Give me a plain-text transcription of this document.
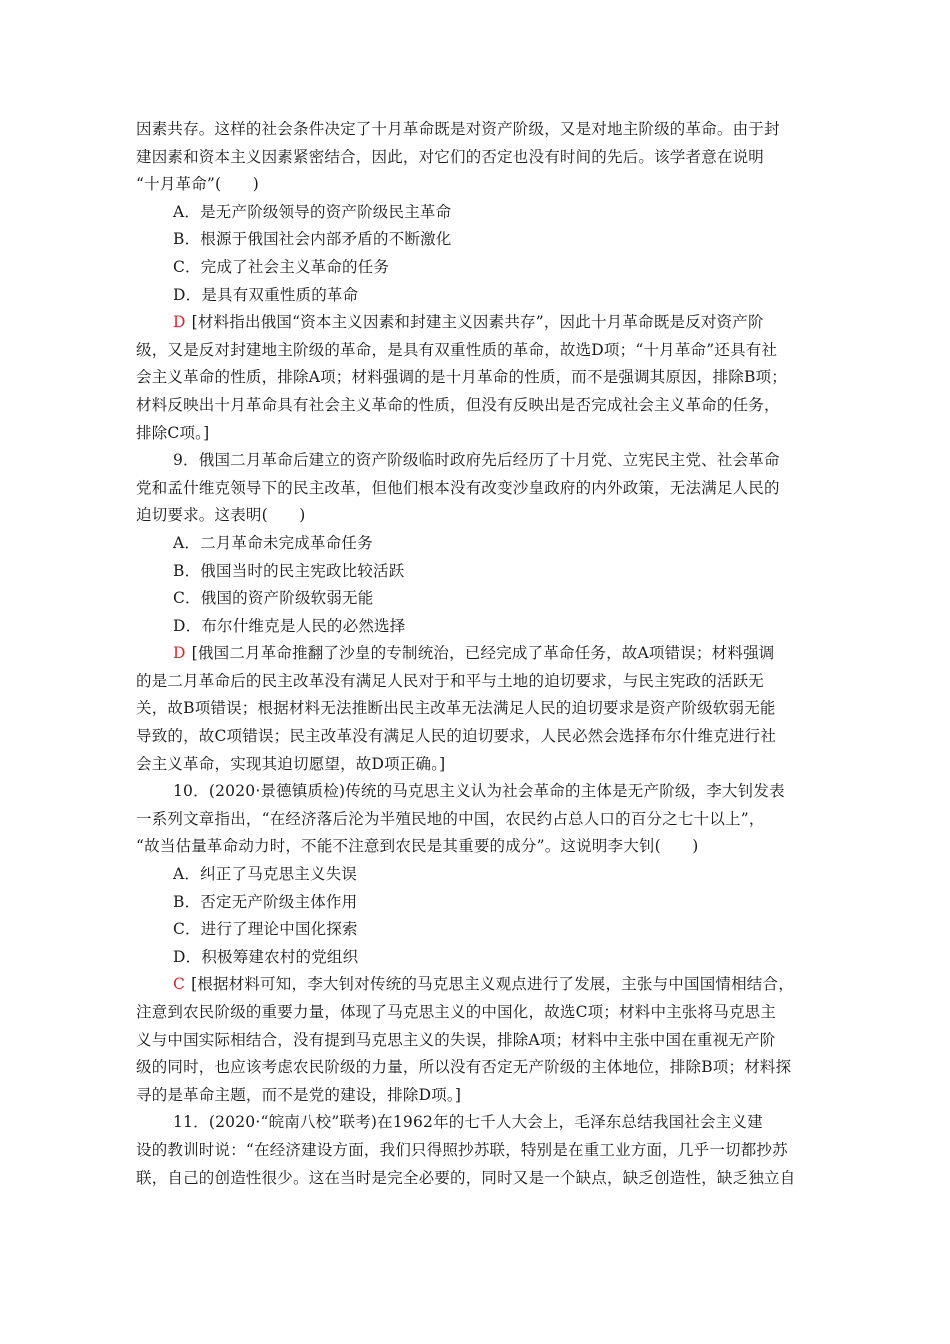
因素共存。这样的社会条件决定了十月革命既是对资产阶级，又是对地主阶级的革命。由于封
建因素和资本主义因素紧密结合，因此，对它们的否定也没有时间的先后。该学者意在说明
“十月革命”(　　)
A．是无产阶级领导的资产阶级民主革命
B．根源于俄国社会内部矛盾的不断激化
C．完成了社会主义革命的任务
D．是具有双重性质的革命
D [材料指出俄国“资本主义因素和封建主义因素共存”，因此十月革命既是反对资产阶
级，又是反对封建地主阶级的革命，是具有双重性质的革命，故选D项；“十月革命”还具有社
会主义革命的性质，排除A项；材料强调的是十月革命的性质，而不是强调其原因，排除B项；
材料反映出十月革命具有社会主义革命的性质，但没有反映出是否完成社会主义革命的任务，
排除C项。]
9．俄国二月革命后建立的资产阶级临时政府先后经历了十月党、立宪民主党、社会革命
党和孟什维克领导下的民主改革，但他们根本没有改变沙皇政府的内外政策，无法满足人民的
迫切要求。这表明(　　)
A．二月革命未完成革命任务
B．俄国当时的民主宪政比较活跃
C．俄国的资产阶级软弱无能
D．布尔什维克是人民的必然选择
D [俄国二月革命推翻了沙皇的专制统治，已经完成了革命任务，故A项错误；材料强调
的是二月革命后的民主改革没有满足人民对于和平与土地的迫切要求，与民主宪政的活跃无
关，故B项错误；根据材料无法推断出民主改革无法满足人民的迫切要求是资产阶级软弱无能
导致的，故C项错误；民主改革没有满足人民的迫切要求，人民必然会选择布尔什维克进行社
会主义革命，实现其迫切愿望，故D项正确。]
10．(2020·景德镇质检)传统的马克思主义认为社会革命的主体是无产阶级，李大钊发表
一系列文章指出，“在经济落后沦为半殖民地的中国，农民约占总人口的百分之七十以上”，
“故当估量革命动力时，不能不注意到农民是其重要的成分”。这说明李大钊(　　)
A．纠正了马克思主义失误
B．否定无产阶级主体作用
C．进行了理论中国化探索
D．积极筹建农村的党组织
C [根据材料可知，李大钊对传统的马克思主义观点进行了发展，主张与中国国情相结合，
注意到农民阶级的重要力量，体现了马克思主义的中国化，故选C项；材料中主张将马克思主
义与中国实际相结合，没有提到马克思主义的失误，排除A项；材料中主张中国在重视无产阶
级的同时，也应该考虑农民阶级的力量，所以没有否定无产阶级的主体地位，排除B项；材料探
寻的是革命主题，而不是党的建设，排除D项。]
11．(2020·“皖南八校”联考)在1962年的七千人大会上，毛泽东总结我国社会主义建
设的教训时说：“在经济建设方面，我们只得照抄苏联，特别是在重工业方面，几乎一切都抄苏
联，自己的创造性很少。这在当时是完全必要的，同时又是一个缺点，缺乏创造性，缺乏独立自
